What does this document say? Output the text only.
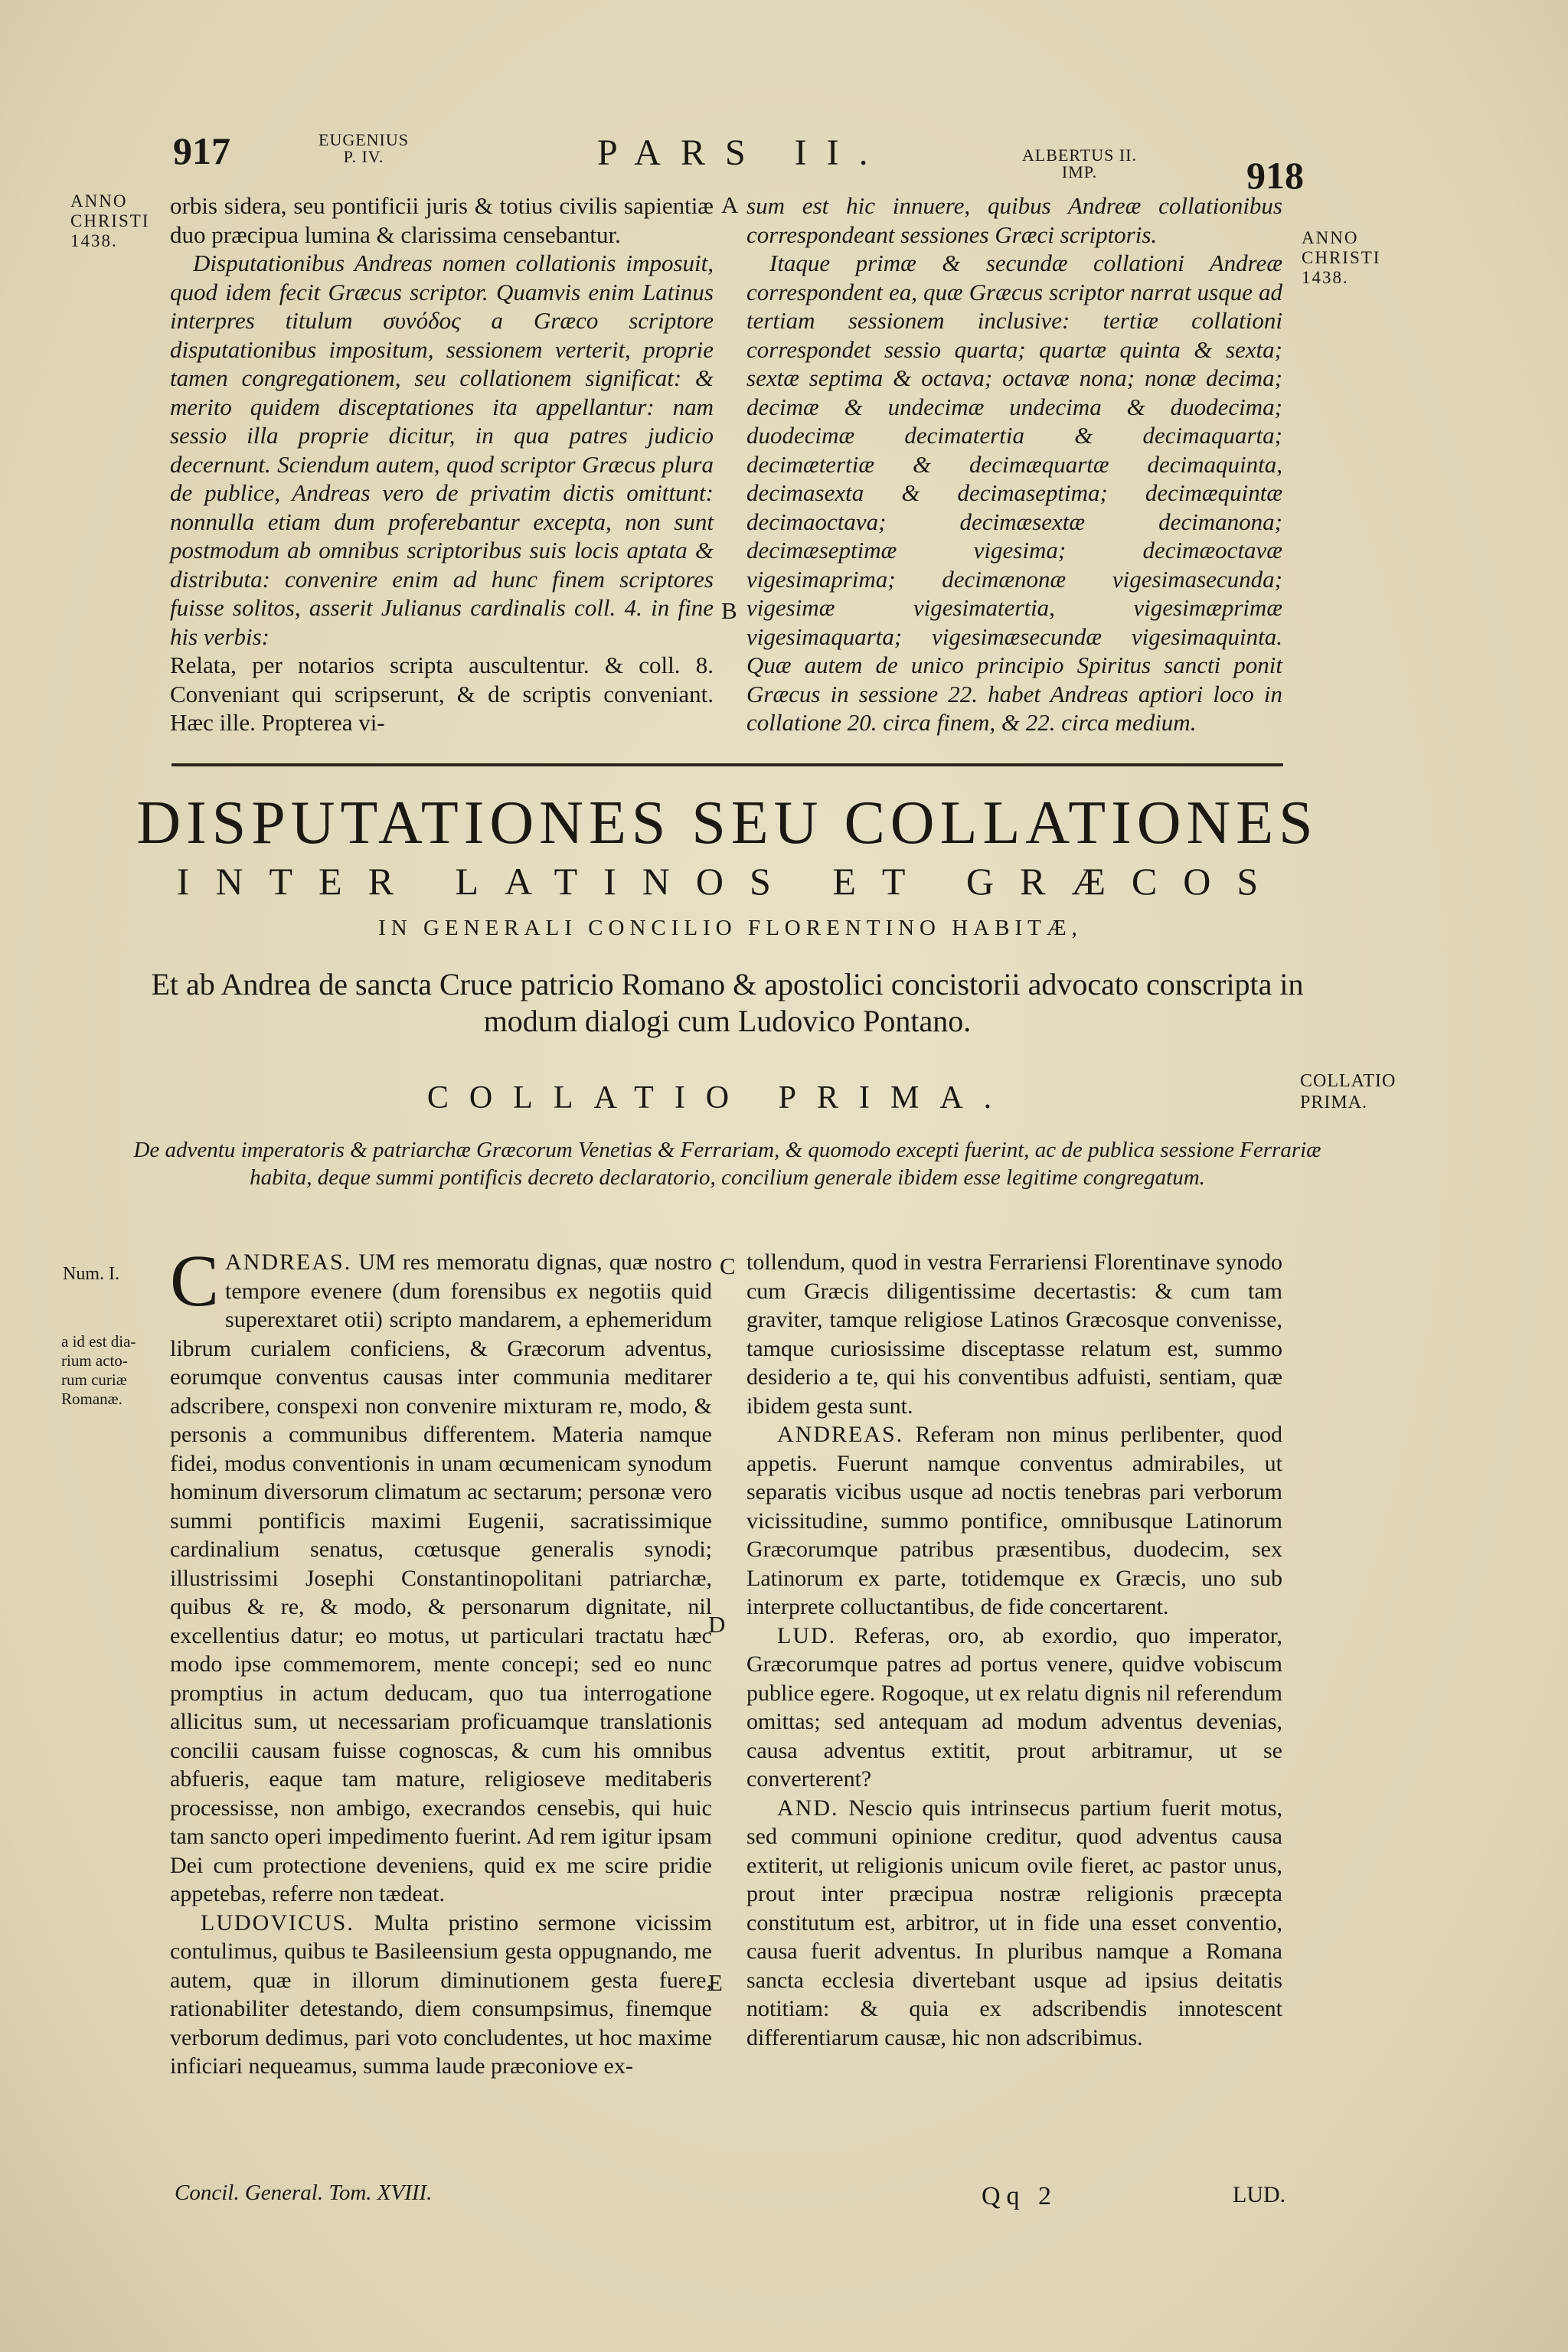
917	EUGENIUS
P. IV.	PARS II.	ALBERTUS II.
IMP.	918
ANNO
CHRISTI
1438.	ANNO
CHRISTI
1438.

orbis sidera, seu pontificii juris & totius civilis sapientiæ duo præcipua lumina & clarissima censebantur.

Disputationibus Andreas nomen collationis imposuit, quod idem fecit Græcus scriptor. Quamvis enim Latinus interpres titulum συνόδος a Græco scriptore disputationibus impositum, sessionem verterit, proprie tamen congregationem, seu collationem significat: & merito quidem disceptationes ita appellantur: nam sessio illa proprie dicitur, in qua patres judicio decernunt. Sciendum autem, quod scriptor Græcus plura de publice, Andreas vero de privatim dictis omittunt: nonnulla etiam dum proferebantur excepta, non sunt postmodum ab omnibus scriptoribus suis locis aptata & distributa: convenire enim ad hunc finem scriptores fuisse solitos, asserit Julianus cardinalis coll. 4. in fine his verbis:

Relata, per notarios scripta auscultentur. & coll. 8. Conveniant qui scripserunt, & de scriptis conveniant. Hæc ille. Propterea vi-

A
B

sum est hic innuere, quibus Andreæ collationibus correspondeant sessiones Græci scriptoris.

Itaque primæ & secundæ collationi Andreæ correspondent ea, quæ Græcus scriptor narrat usque ad tertiam sessionem inclusive: tertiæ collationi correspondet sessio quarta; quartæ quinta & sexta; sextæ septima & octava; octavæ nona; nonæ decima; decimæ & undecimæ undecima & duodecima; duodecimæ decimatertia & decimaquarta; decimætertiæ & decimæquartæ decimaquinta, decimasexta & decimaseptima; decimæquintæ decimaoctava; decimæsextæ decimanona; decimæseptimæ vigesima; decimæoctavæ vigesimaprima; decimænonæ vigesimasecunda; vigesimæ vigesimatertia, vigesimæprimæ vigesimaquarta; vigesimæsecundæ vigesimaquinta. Quæ autem de unico principio Spiritus sancti ponit Græcus in sessione 22. habet Andreas aptiori loco in collatione 20. circa finem, & 22. circa medium.

DISPUTATIONES SEU COLLATIONES
INTER LATINOS ET GRÆCOS
IN GENERALI CONCILIO FLORENTINO HABITÆ,
Et ab Andrea de sancta Cruce patricio Romano & apostolici concistorii advocato conscripta in modum dialogi cum Ludovico Pontano.
COLLATIO PRIMA.	COLLATIO
PRIMA.
De adventu imperatoris & patriarchæ Græcorum Venetias & Ferrariam, & quomodo excepti fuerint, ac de publica sessione Ferrariæ habita, deque summi pontificis decreto declaratorio, concilium generale ibidem esse legitime congregatum.
Num. I.
a id est dia-
rium acto-
rum curiæ
Romanæ.

ANDREAS.
C	UM res memoratu dignas, quæ nostro tempore evenere (dum forensibus ex negotiis quid superextaret otii) scripto mandarem, a ephemeridum librum curialem conficiens, & Græcorum adventus, eorumque conventus causas inter communia meditarer adscribere, conspexi non convenire mixturam re, modo, & personis a communibus differentem. Materia namque fidei, modus conventionis in unam œcumenicam synodum hominum diversorum climatum ac sectarum; personæ vero summi pontificis maximi Eugenii, sacratissimique cardinalium senatus, cœtusque generalis synodi; illustrissimi Josephi Constantinopolitani patriarchæ, quibus & re, & modo, & personarum dignitate, nil excellentius datur; eo motus, ut particulari tractatu hæc modo ipse commemorem, mente concepi; sed eo nunc promptius in actum deducam, quo tua interrogatione allicitus sum, ut necessariam proficuamque translationis concilii causam fuisse cognoscas, & cum his omnibus abfueris, eaque tam mature, religioseve meditaberis processisse, non ambigo, execrandos censebis, qui huic tam sancto operi impedimento fuerint. Ad rem igitur ipsam Dei cum protectione deveniens, quid ex me scire pridie appetebas, referre non tædeat.

LUDOVICUS. Multa pristino sermone vicissim contulimus, quibus te Basileensium gesta oppugnando, me autem, quæ in illorum diminutionem gesta fuere, rationabiliter detestando, diem consumpsimus, finemque verborum dedimus, pari voto concludentes, ut hoc maxime inficiari nequeamus, summa laude præconiove ex-

C
D
E

tollendum, quod in vestra Ferrariensi Florentinave synodo cum Græcis diligentissime decertastis: & cum tam graviter, tamque religiose Latinos Græcosque convenisse, tamque curiosissime disceptasse relatum est, summo desiderio a te, qui his conventibus adfuisti, sentiam, quæ ibidem gesta sunt.

ANDREAS. Referam non minus perlibenter, quod appetis. Fuerunt namque conventus admirabiles, ut separatis vicibus usque ad noctis tenebras pari verborum vicissitudine, summo pontifice, omnibusque Latinorum Græcorumque patribus præsentibus, duodecim, sex Latinorum ex parte, totidemque ex Græcis, uno sub interprete colluctantibus, de fide concertarent.

LUD. Referas, oro, ab exordio, quo imperator, Græcorumque patres ad portus venere, quidve vobiscum publice egere. Rogoque, ut ex relatu dignis nil referendum omittas; sed antequam ad modum adventus devenias, causa adventus extitit, prout arbitramur, ut se converterent?

AND. Nescio quis intrinsecus partium fuerit motus, sed communi opinione creditur, quod adventus causa extiterit, ut religionis unicum ovile fieret, ac pastor unus, prout inter præcipua nostræ religionis præcepta constitutum est, arbitror, ut in fide una esset conventio, causa fuerit adventus. In pluribus namque a Romana sancta ecclesia divertebant usque ad ipsius deitatis notitiam: & quia ex adscribendis innotescent differentiarum causæ, hic non adscribimus.

Concil. General. Tom. XVIII.	Qq 2	LUD.
